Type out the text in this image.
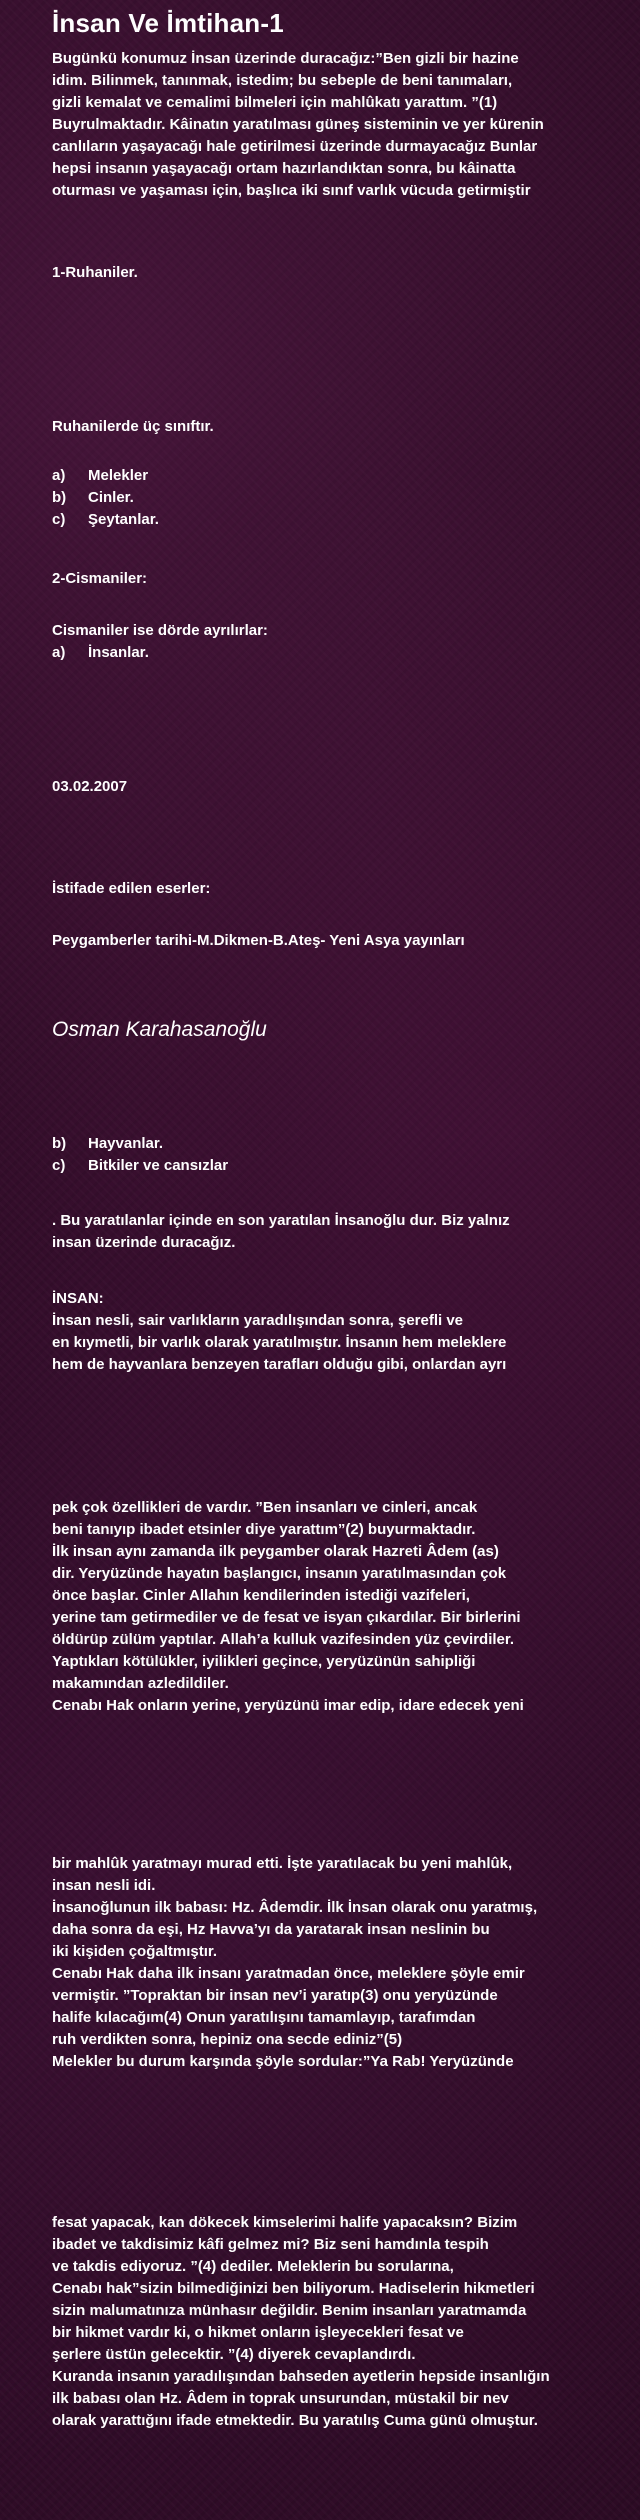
İnsan Ve İmtihan-1

Bugünkü konumuz İnsan üzerinde duracağız:”Ben gizli bir hazine

idim. Bilinmek, tanınmak, istedim; bu sebeple de beni tanımaları,

gizli kemalat ve cemalimi bilmeleri için mahlûkatı yarattım. ”(1)

Buyrulmaktadır. Kâinatın yaratılması güneş sisteminin ve yer kürenin

canlıların yaşayacağı hale getirilmesi üzerinde durmayacağız Bunlar

hepsi insanın yaşayacağı ortam hazırlandıktan sonra, bu kâinatta

oturması ve yaşaması için, başlıca iki sınıf varlık vücuda getirmiştir

1-Ruhaniler.
Ruhanilerde üç sınıftır.
a)	Melekler
b)	Cinler.
c)	Şeytanlar.
2-Cismaniler:

Cismaniler ise dörde ayrılırlar:

a)	İnsanlar.
03.02.2007
İstifade edilen eserler:
Peygamberler tarihi-M.Dikmen-B.Ateş- Yeni Asya yayınları
Osman Karahasanoğlu
b)	Hayvanlar.
c)	Bitkiler ve cansızlar

. Bu yaratılanlar içinde en son yaratılan İnsanoğlu dur. Biz yalnız

insan üzerinde duracağız.

İNSAN:

İnsan nesli, sair varlıkların yaradılışından sonra, şerefli ve

en kıymetli, bir varlık olarak yaratılmıştır. İnsanın hem meleklere

hem de hayvanlara benzeyen tarafları olduğu gibi, onlardan ayrı

pek çok özellikleri de vardır. ”Ben insanları ve cinleri, ancak

beni tanıyıp ibadet etsinler diye yarattım”(2) buyurmaktadır.

İlk insan aynı zamanda ilk peygamber olarak Hazreti Âdem (as)

dir. Yeryüzünde hayatın başlangıcı, insanın yaratılmasından çok

önce başlar. Cinler Allahın kendilerinden istediği vazifeleri,

yerine tam getirmediler ve de fesat ve isyan çıkardılar. Bir birlerini

öldürüp zülüm yaptılar. Allah’a kulluk vazifesinden yüz çevirdiler.

Yaptıkları kötülükler, iyilikleri geçince, yeryüzünün sahipliği

makamından azledildiler.

Cenabı Hak onların yerine, yeryüzünü imar edip, idare edecek yeni

bir mahlûk yaratmayı murad etti. İşte yaratılacak bu yeni mahlûk,

insan nesli idi.

İnsanoğlunun ilk babası: Hz. Âdemdir. İlk İnsan olarak onu yaratmış,

daha sonra da eşi, Hz Havva’yı da yaratarak insan neslinin bu

iki kişiden çoğaltmıştır.

Cenabı Hak daha ilk insanı yaratmadan önce, meleklere şöyle emir

vermiştir. ”Topraktan bir insan nev’i yaratıp(3) onu yeryüzünde

halife kılacağım(4) Onun yaratılışını tamamlayıp, tarafımdan

ruh verdikten sonra, hepiniz ona secde ediniz”(5)

Melekler bu durum karşında şöyle sordular:”Ya Rab! Yeryüzünde

fesat yapacak, kan dökecek kimselerimi halife yapacaksın? Bizim

ibadet ve takdisimiz kâfi gelmez mi? Biz seni hamdınla tespih

ve takdis ediyoruz. ”(4) dediler. Meleklerin bu sorularına,

Cenabı hak”sizin bilmediğinizi ben biliyorum. Hadiselerin hikmetleri

sizin malumatınıza münhasır değildir. Benim insanları yaratmamda

bir hikmet vardır ki, o hikmet onların işleyecekleri fesat ve

şerlere üstün gelecektir. ”(4) diyerek cevaplandırdı.

Kuranda insanın yaradılışından bahseden ayetlerin hepside insanlığın

ilk babası olan Hz. Âdem in toprak unsurundan, müstakil bir nev

olarak yarattığını ifade etmektedir. Bu yaratılış Cuma günü olmuştur.
